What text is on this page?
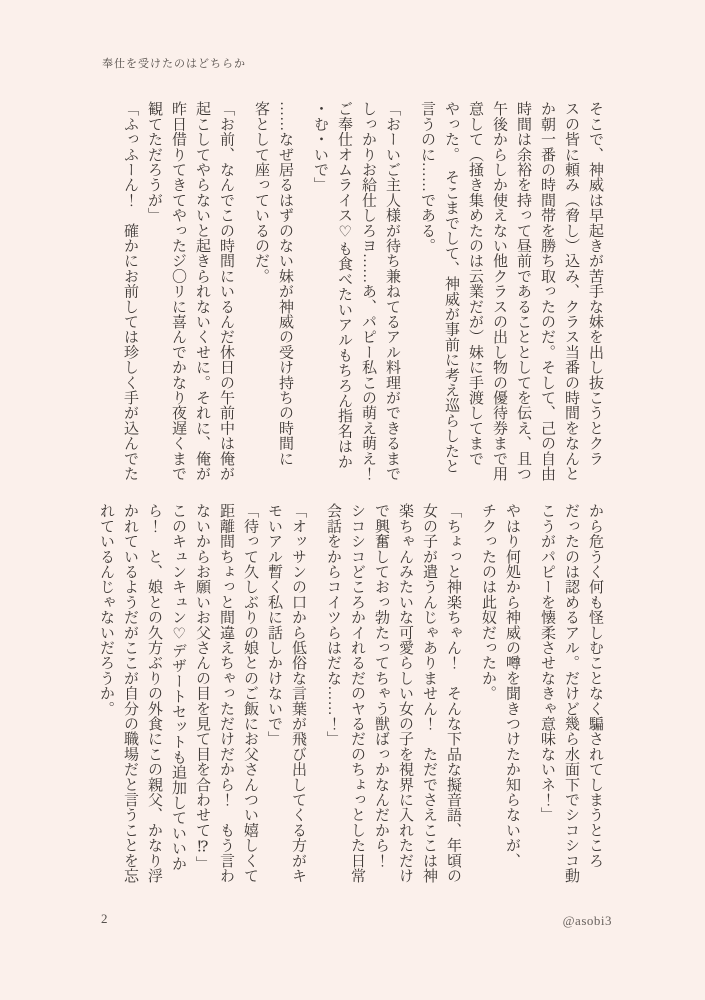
奉仕を受けたのはどちらか
そこで、神威は早起きが苦手な妹を出し抜こうとクラ
スの皆に頼み（脅し）込み、クラス当番の時間をなんと
か朝一番の時間帯を勝ち取ったのだ。そして、己の自由
時間は余裕を持って昼前であることとしてを伝え、且つ
午後からしか使えない他クラスの出し物の優待券まで用
意して（掻き集めたのは云業だが）妹に手渡してまで
やった。　そこまでして、神威が事前に考え巡らしたと
言うのに……である。
「おーいご主人様が待ち兼ねてるアル料理ができるまで
しっかりお給仕しろヨ……あ、パピー私この萌え萌え！
ご奉仕オムライス♡も食べたいアルもちろん指名はか
・む・いで」
……なぜ居るはずのない妹が神威の受け持ちの時間に
客として座っているのだ。
「お前、なんでこの時間にいるんだ休日の午前中は俺が
起こしてやらないと起きられないくせに。それに、俺が
昨日借りてきてやったジ〇リに喜んでかなり夜遅くまで
観てただろうが」
「ふっふーん！　確かにお前しては珍しく手が込んでた
から危うく何も怪しむことなく騙されてしまうところ
だったのは認めるアル。だけど幾ら水面下でシコシコ動
こうがパピーを懐柔させなきゃ意味ないネ！」
やはり何処から神威の噂を聞きつけたか知らないが、
チクったのは此奴だったか。
「ちょっと神楽ちゃん！　そんな下品な擬音語、年頃の
女の子が遣うんじゃありません！　ただでさえここは神
楽ちゃんみたいな可愛らしい女の子を視界に入れただけ
で興奮しておっ勃たってちゃう獣ばっかなんだから！
シコシコどころかイれるだのヤるだのちょっとした日常
会話をからコイツらはだな……！」
「オッサンの口から低俗な言葉が飛び出してくる方がキ
モいアル暫く私に話しかけないで」
「待って久しぶりの娘とのご飯にお父さんつい嬉しくて
距離間ちょっと間違えちゃっただけだから！　もう言わ
ないからお願いお父さんの目を見て目を合わせて⁉」
このキュンキュン♡デザートセットも追加していいか
ら！　と、娘との久方ぶりの外食にこの親父、かなり浮
かれているようだがここが自分の職場だと言うことを忘
れているんじゃないだろうか。
2	@asobi3
